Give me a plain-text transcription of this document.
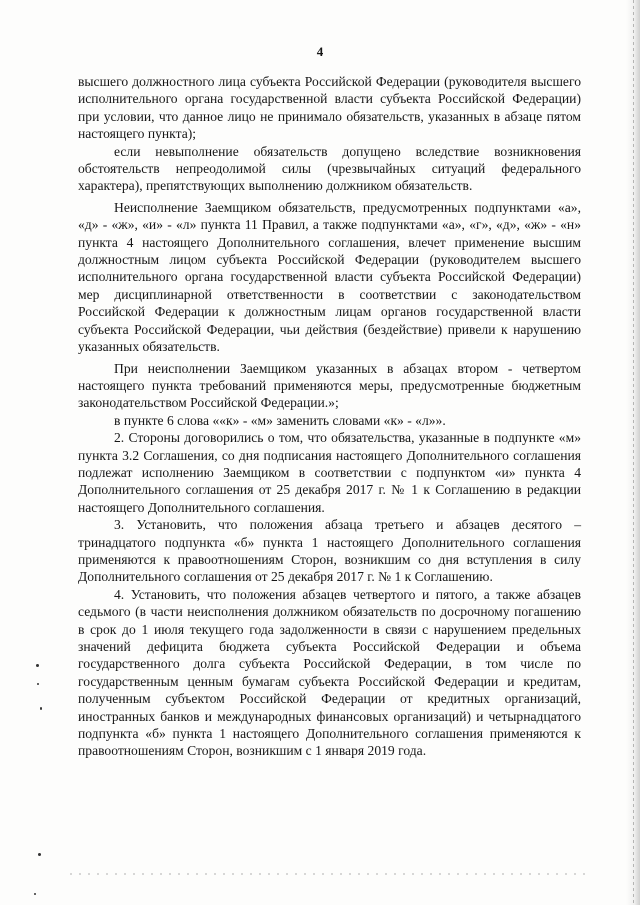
4

высшего должностного лица субъекта Российской Федерации (руководителя высшего исполнительного органа государственной власти субъекта Российской Федерации) при условии, что данное лицо не принимало обязательств, указанных в абзаце пятом настоящего пункта);

если невыполнение обязательств допущено вследствие возникновения обстоятельств непреодолимой силы (чрезвычайных ситуаций федерального характера), препятствующих выполнению должником обязательств.

Неисполнение Заемщиком обязательств, предусмотренных подпунктами «а», «д» - «ж», «и» - «л» пункта 11 Правил, а также подпунктами «а», «г», «д», «ж» - «н» пункта 4 настоящего Дополнительного соглашения, влечет применение высшим должностным лицом субъекта Российской Федерации (руководителем высшего исполнительного органа государственной власти субъекта Российской Федерации) мер дисциплинарной ответственности в соответствии с законодательством Российской Федерации к должностным лицам органов государственной власти субъекта Российской Федерации, чьи действия (бездействие) привели к нарушению указанных обязательств.

При неисполнении Заемщиком указанных в абзацах втором - четвертом настоящего пункта требований применяются меры, предусмотренные бюджетным законодательством Российской Федерации.»;

в пункте 6 слова ««к» - «м» заменить словами «к» - «л»».

2. Стороны договорились о том, что обязательства, указанные в подпункте «м» пункта 3.2 Соглашения, со дня подписания настоящего Дополнительного соглашения подлежат исполнению Заемщиком в соответствии с подпунктом «и» пункта 4 Дополнительного соглашения от 25 декабря 2017 г. № 1 к Соглашению в редакции настоящего Дополнительного соглашения.

3. Установить, что положения абзаца третьего и абзацев десятого – тринадцатого подпункта «б» пункта 1 настоящего Дополнительного соглашения применяются к правоотношениям Сторон, возникшим со дня вступления в силу Дополнительного соглашения от 25 декабря 2017 г. № 1 к Соглашению.

4. Установить, что положения абзацев четвертого и пятого, а также абзацев седьмого (в части неисполнения должником обязательств по досрочному погашению в срок до 1 июля текущего года задолженности в связи с нарушением предельных значений дефицита бюджета субъекта Российской Федерации и объема государственного долга субъекта Российской Федерации, в том числе по государственным ценным бумагам субъекта Российской Федерации и кредитам, полученным субъектом Российской Федерации от кредитных организаций, иностранных банков и международных финансовых организаций) и четырнадцатого подпункта «б» пункта 1 настоящего Дополнительного соглашения применяются к правоотношениям Сторон, возникшим с 1 января 2019 года.
